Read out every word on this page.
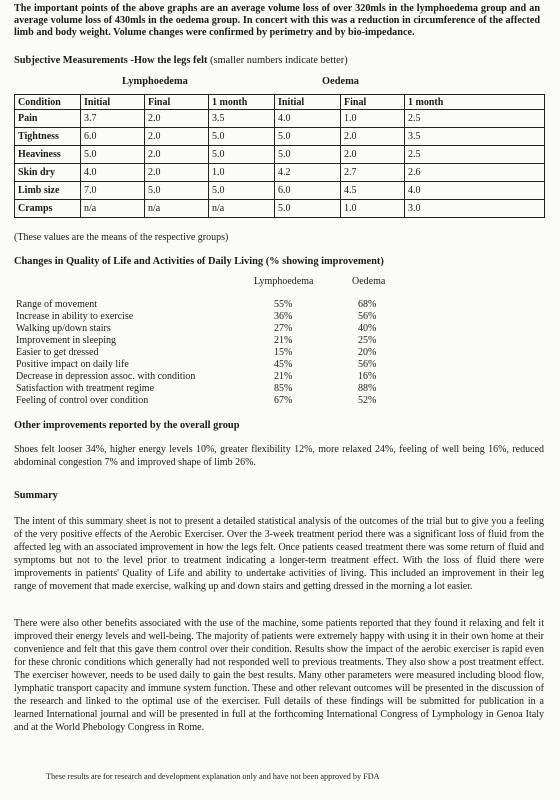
The important points of the above graphs are an average volume loss of over 320mls in the lymphoedema group and an average volume loss of 430mls in the oedema group. In concert with this was a reduction in circumference of the affected limb and body weight. Volume changes were confirmed by perimetry and by bio-impedance.
Subjective Measurements -How the legs felt (smaller numbers indicate better)
Lymphoedema	Oedema
Condition	Initial	Final	1 month	Initial	Final	1 month
Pain	3.7	2.0	3.5	4.0	1.0	2.5
Tightness	6.0	2.0	5.0	5.0	2.0	3.5
Heaviness	5.0	2.0	5.0	5.0	2.0	2.5
Skin dry	4.0	2.0	1.0	4.2	2.7	2.6
Limb size	7.0	5.0	5.0	6.0	4.5	4.0
Cramps	n/a	n/a	n/a	5.0	1.0	3.0
(These values are the means of the respective groups)
Changes in Quality of Life and Activities of Daily Living (% showing improvement)
Lymphoedema	Oedema
Range of movement	55%	68%
Increase in ability to exercise	36%	56%
Walking up/down stairs	27%	40%
Improvement in sleeping	21%	25%
Easier to get dressed	15%	20%
Positive impact on daily life	45%	56%
Decrease in depression assoc. with condition	21%	16%
Satisfaction with treatment regime	85%	88%
Feeling of control over condition	67%	52%
Other improvements reported by the overall group
Shoes felt looser 34%, higher energy levels 10%, greater flexibility 12%, more relaxed 24%, feeling of well being 16%, reduced abdominal congestion 7% and improved shape of limb 26%.
Summary
The intent of this summary sheet is not to present a detailed statistical analysis of the outcomes of the trial but to give you a feeling of the very positive effects of the Aerobic Exerciser. Over the 3-week treatment period there was a significant loss of fluid from the affected leg with an associated improvement in how the legs felt. Once patients ceased treatment there was some return of fluid and symptoms but not to the level prior to treatment indicating a longer-term treatment effect. With the loss of fluid there were improvements in patients' Quality of Life and ability to undertake activities of living. This included an improvement in their leg range of movement that made exercise, walking up and down stairs and getting dressed in the morning a lot easier.
There were also other benefits associated with the use of the machine, some patients reported that they found it relaxing and felt it improved their energy levels and well-being. The majority of patients were extremely happy with using it in their own home at their convenience and felt that this gave them control over their condition. Results show the impact of the aerobic exerciser is rapid even for these chronic conditions which generally had not responded well to previous treatments. They also show a post treatment effect. The exerciser however, needs to be used daily to gain the best results. Many other parameters were measured including blood flow, lymphatic transport capacity and immune system function. These and other relevant outcomes will be presented in the discussion of the research and linked to the optimal use of the exerciser. Full details of these findings will be submitted for publication in a learned International journal and will be presented in full at the forthcoming International Congress of Lymphology in Genoa Italy and at the World Phebology Congress in Rome.
These results are for research and development explanation only and have not been approved by FDA
